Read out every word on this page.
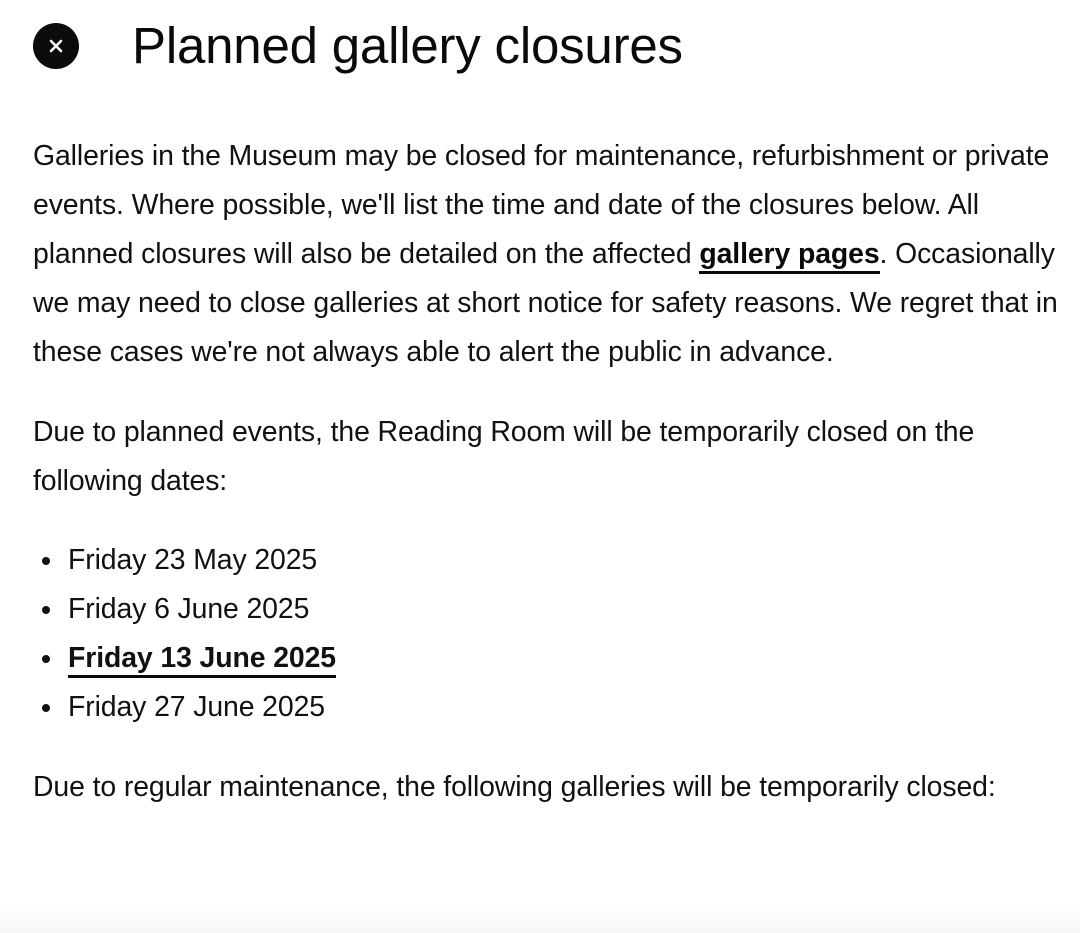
Planned gallery closures

Galleries in the Museum may be closed for maintenance, refurbishment or private events. Where possible, we'll list the time and date of the closures below. All planned closures will also be detailed on the affected gallery pages. Occasionally we may need to close galleries at short notice for safety reasons. We regret that in these cases we're not always able to alert the public in advance.

Due to planned events, the Reading Room will be temporarily closed on the following dates:

Friday 23 May 2025
Friday 6 June 2025
Friday 13 June 2025
Friday 27 June 2025

Due to regular maintenance, the following galleries will be temporarily closed:
